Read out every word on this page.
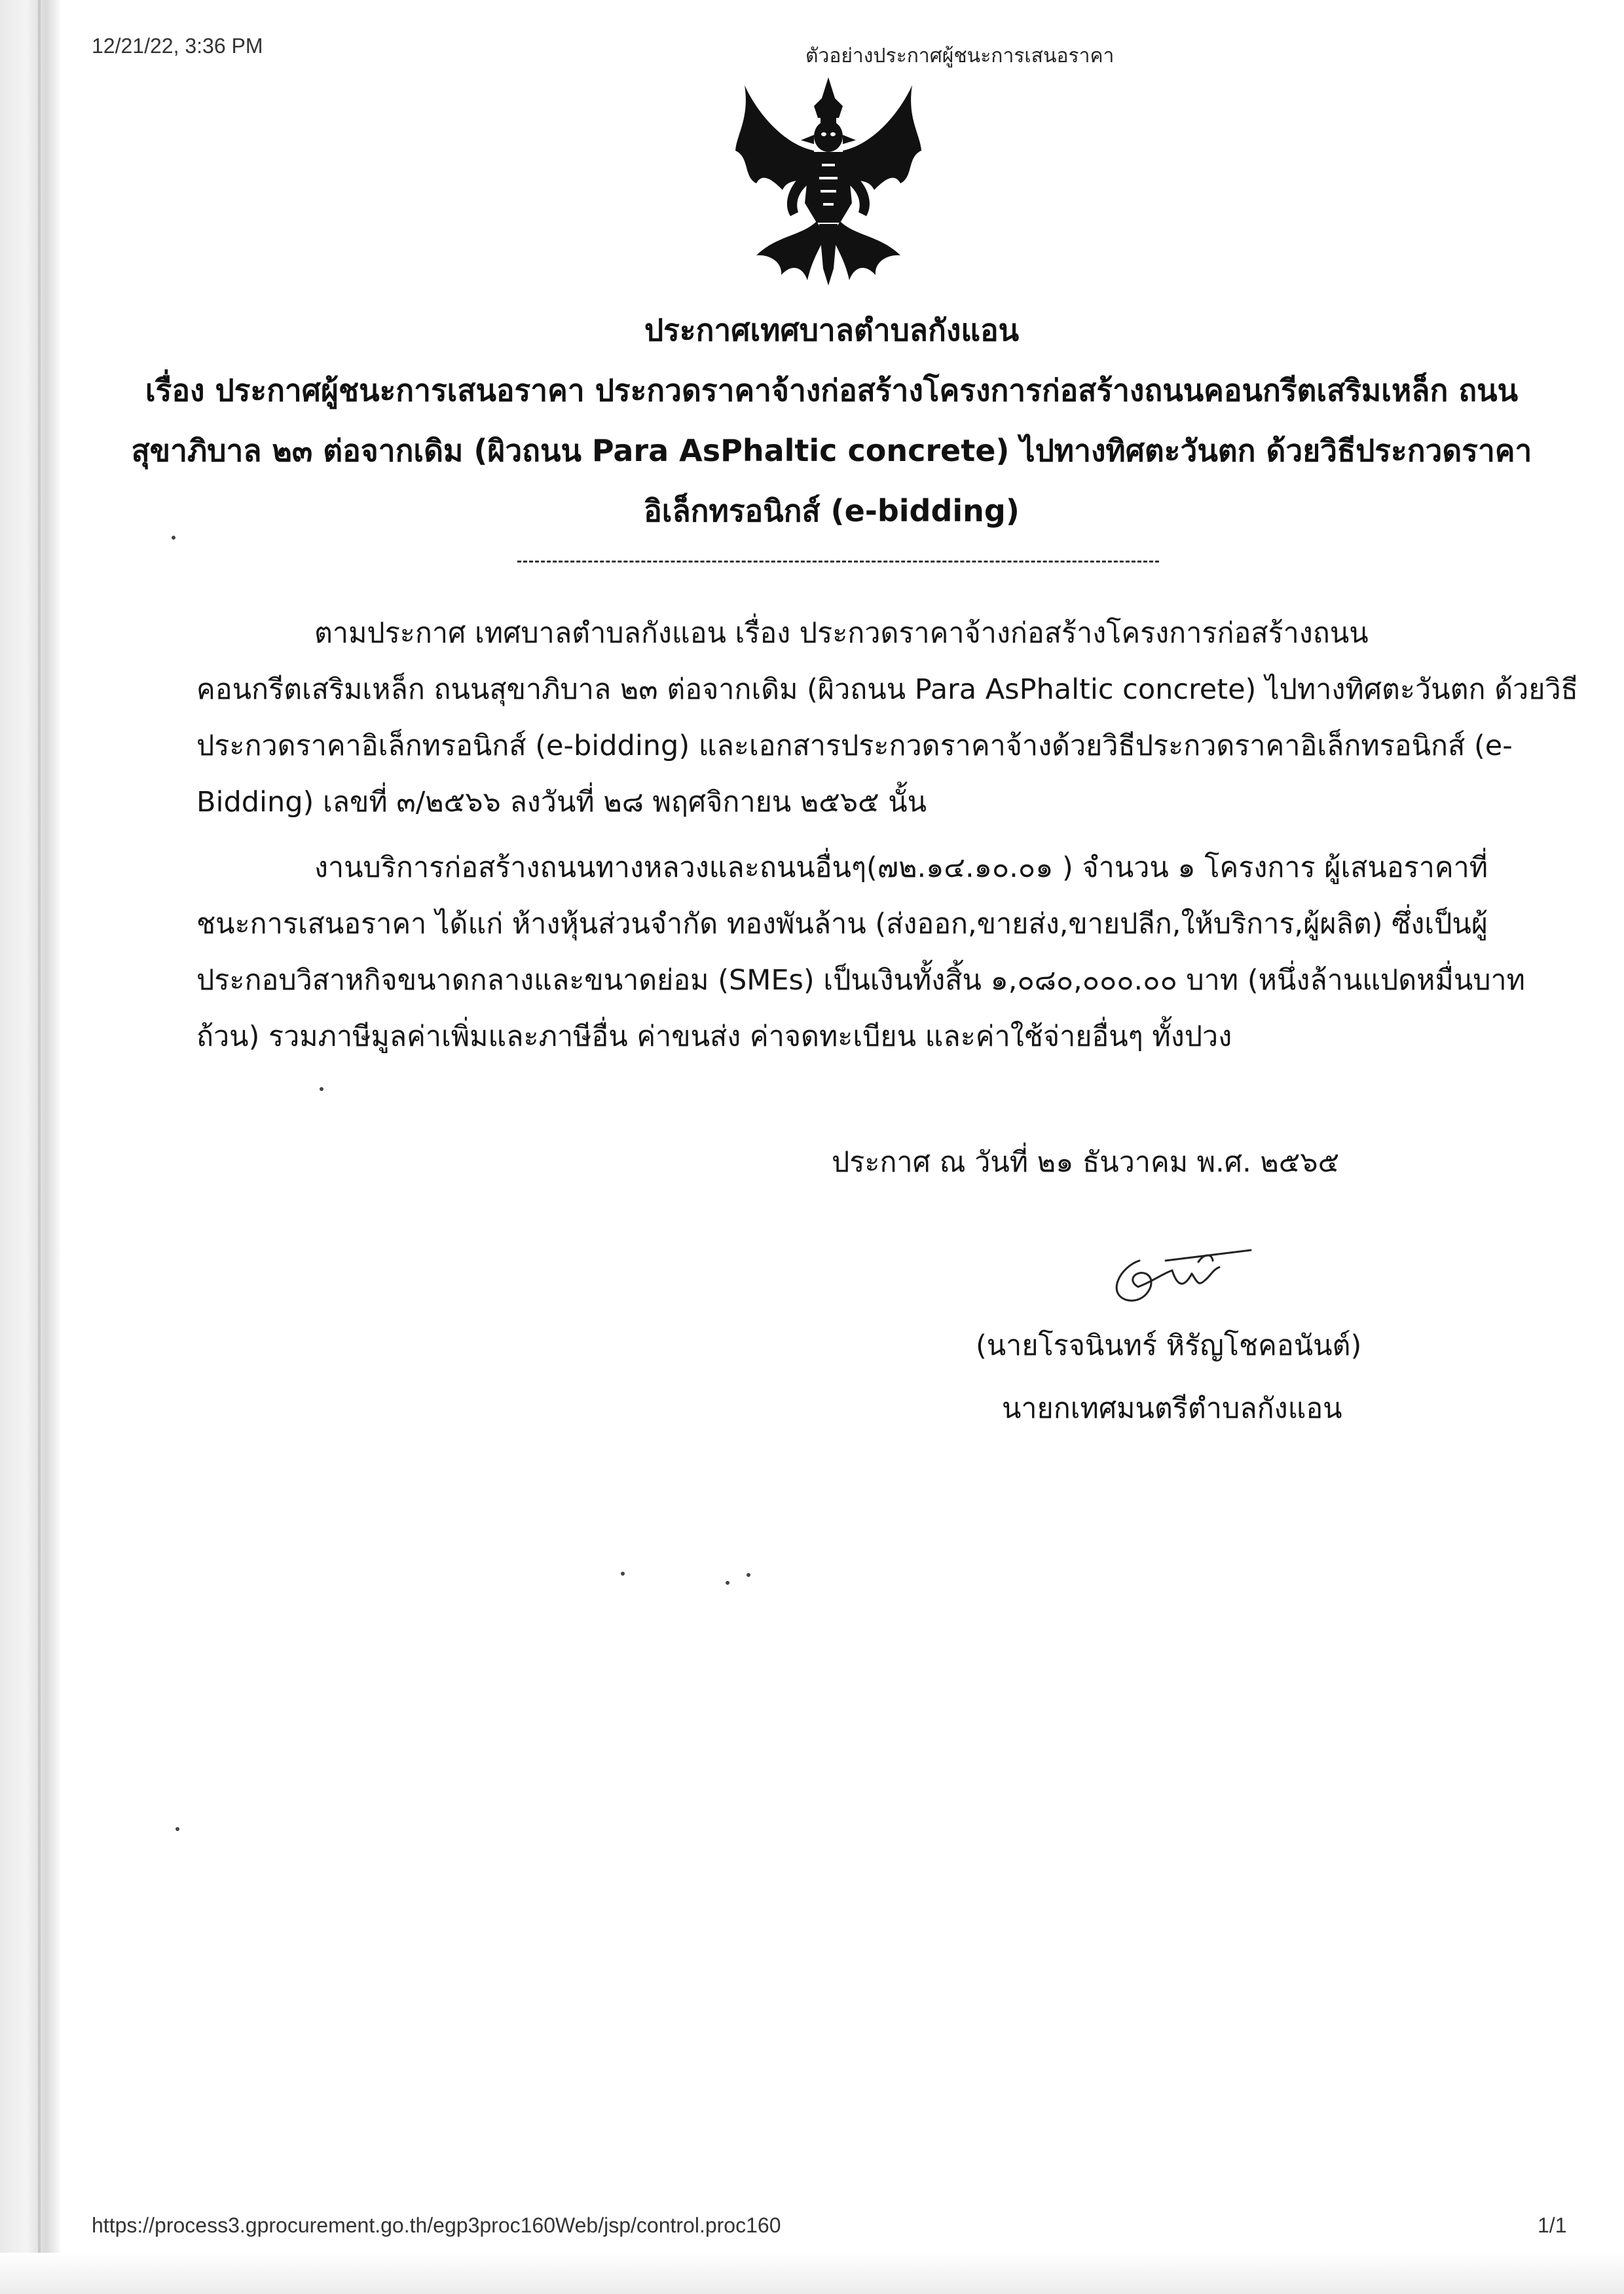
12/21/22, 3:36 PM	ตัวอย่างประกาศผู้ชนะการเสนอราคา
ประกาศเทศบาลตำบลกังแอน
เรื่อง ประกาศผู้ชนะการเสนอราคา ประกวดราคาจ้างก่อสร้างโครงการก่อสร้างถนนคอนกรีตเสริมเหล็ก ถนน
สุขาภิบาล ๒๓ ต่อจากเดิม (ผิวถนน Para AsPhaltic concrete) ไปทางทิศตะวันตก ด้วยวิธีประกวดราคา
อิเล็กทรอนิกส์ (e-bidding)
ตามประกาศ เทศบาลตำบลกังแอน เรื่อง ประกวดราคาจ้างก่อสร้างโครงการก่อสร้างถนน
คอนกรีตเสริมเหล็ก ถนนสุขาภิบาล ๒๓ ต่อจากเดิม (ผิวถนน Para AsPhaltic concrete) ไปทางทิศตะวันตก ด้วยวิธี
ประกวดราคาอิเล็กทรอนิกส์ (e-bidding) และเอกสารประกวดราคาจ้างด้วยวิธีประกวดราคาอิเล็กทรอนิกส์ (e-
Bidding) เลขที่ ๓/๒๕๖๖ ลงวันที่ ๒๘ พฤศจิกายน ๒๕๖๕ นั้น
งานบริการก่อสร้างถนนทางหลวงและถนนอื่นๆ(๗๒.๑๔.๑๐.๐๑ ) จำนวน ๑ โครงการ ผู้เสนอราคาที่
ชนะการเสนอราคา ได้แก่ ห้างหุ้นส่วนจำกัด ทองพันล้าน (ส่งออก,ขายส่ง,ขายปลีก,ให้บริการ,ผู้ผลิต) ซึ่งเป็นผู้
ประกอบวิสาหกิจขนาดกลางและขนาดย่อม (SMEs) เป็นเงินทั้งสิ้น ๑,๐๘๐,๐๐๐.๐๐ บาท (หนึ่งล้านแปดหมื่นบาท
ถ้วน) รวมภาษีมูลค่าเพิ่มและภาษีอื่น ค่าขนส่ง ค่าจดทะเบียน และค่าใช้จ่ายอื่นๆ ทั้งปวง
ประกาศ ณ วันที่ ๒๑ ธันวาคม พ.ศ. ๒๕๖๕
(นายโรจนินทร์ หิรัญโชคอนันต์)
นายกเทศมนตรีตำบลกังแอน
https://process3.gprocurement.go.th/egp3proc160Web/jsp/control.proc160	1/1
